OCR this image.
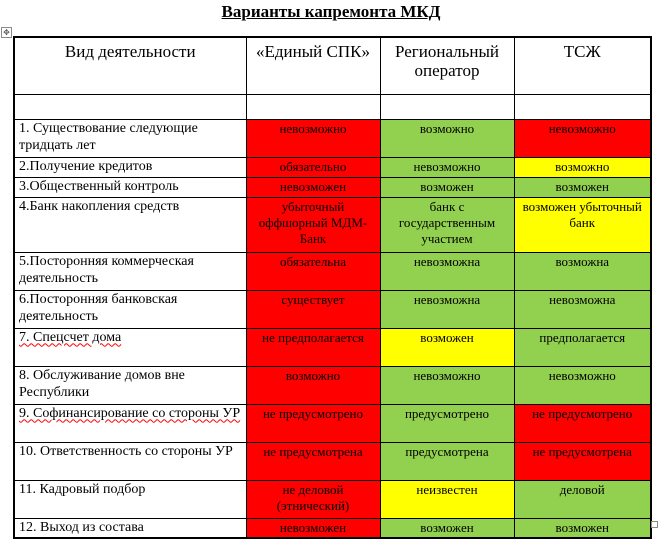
Варианты капремонта МКД
✥
Вид деятельности	«Единый СПК»	Региональный оператор	ТСЖ

1. Существование следующие тридцать лет	невозможно	возможно	невозможно
2.Получение кредитов	обязательно	невозможно	возможно
3.Общественный контроль	невозможен	возможен	возможен
4.Банк накопления средств	убыточный оффшорный МДМ-Банк	банк с государственным участием	возможен убыточный банк
5.Посторонняя коммерческая деятельность	обязательна	невозможна	возможна
6.Посторонняя банковская деятельность	существует	невозможна	невозможна
7. Спецсчет дома	не предполагается	возможен	предполагается
8. Обслуживание домов вне Республики	возможно	невозможно	невозможно
9. Софинансирование со стороны УР	не предусмотрено	предусмотрено	не предусмотрено
10. Ответственность со стороны УР	не предусмотрена	предусмотрена	не предусмотрена
11. Кадровый подбор	не деловой (этнический)	неизвестен	деловой
12. Выход из состава	невозможен	возможен	возможен
